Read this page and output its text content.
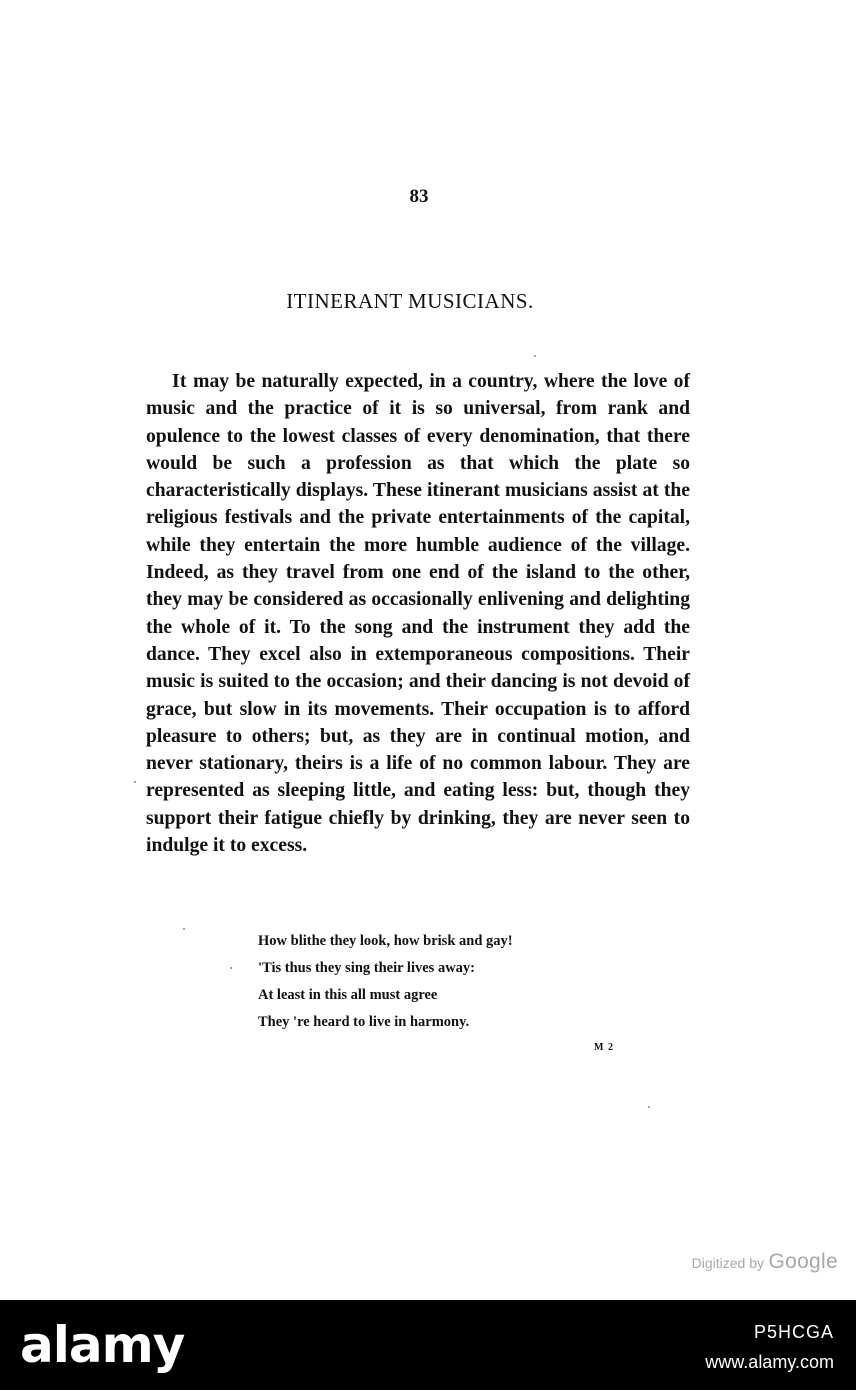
83
ITINERANT MUSICIANS.

It may be naturally expected, in a country, where the love of music and the practice of it is so universal, from rank and opulence to the lowest classes of every denomination, that there would be such a profession as that which the plate so characteristically displays. These itinerant musicians assist at the religious festivals and the private entertainments of the capital, while they entertain the more humble audience of the village. Indeed, as they travel from one end of the island to the other, they may be considered as occasionally enlivening and delighting the whole of it. To the song and the instrument they add the dance. They excel also in extemporaneous compositions. Their music is suited to the occasion; and their dancing is not devoid of grace, but slow in its movements. Their occupation is to afford pleasure to others; but, as they are in continual motion, and never stationary, theirs is a life of no common labour. They are represented as sleeping little, and eating less: but, though they support their fatigue chiefly by drinking, they are never seen to indulge it to excess.

How blithe they look, how brisk and gay!
'Tis thus they sing their lives away:
At least in this all must agree
They 're heard to live in harmony.
M 2
Digitized by Google
alamy	P5HCGA
www.alamy.com
